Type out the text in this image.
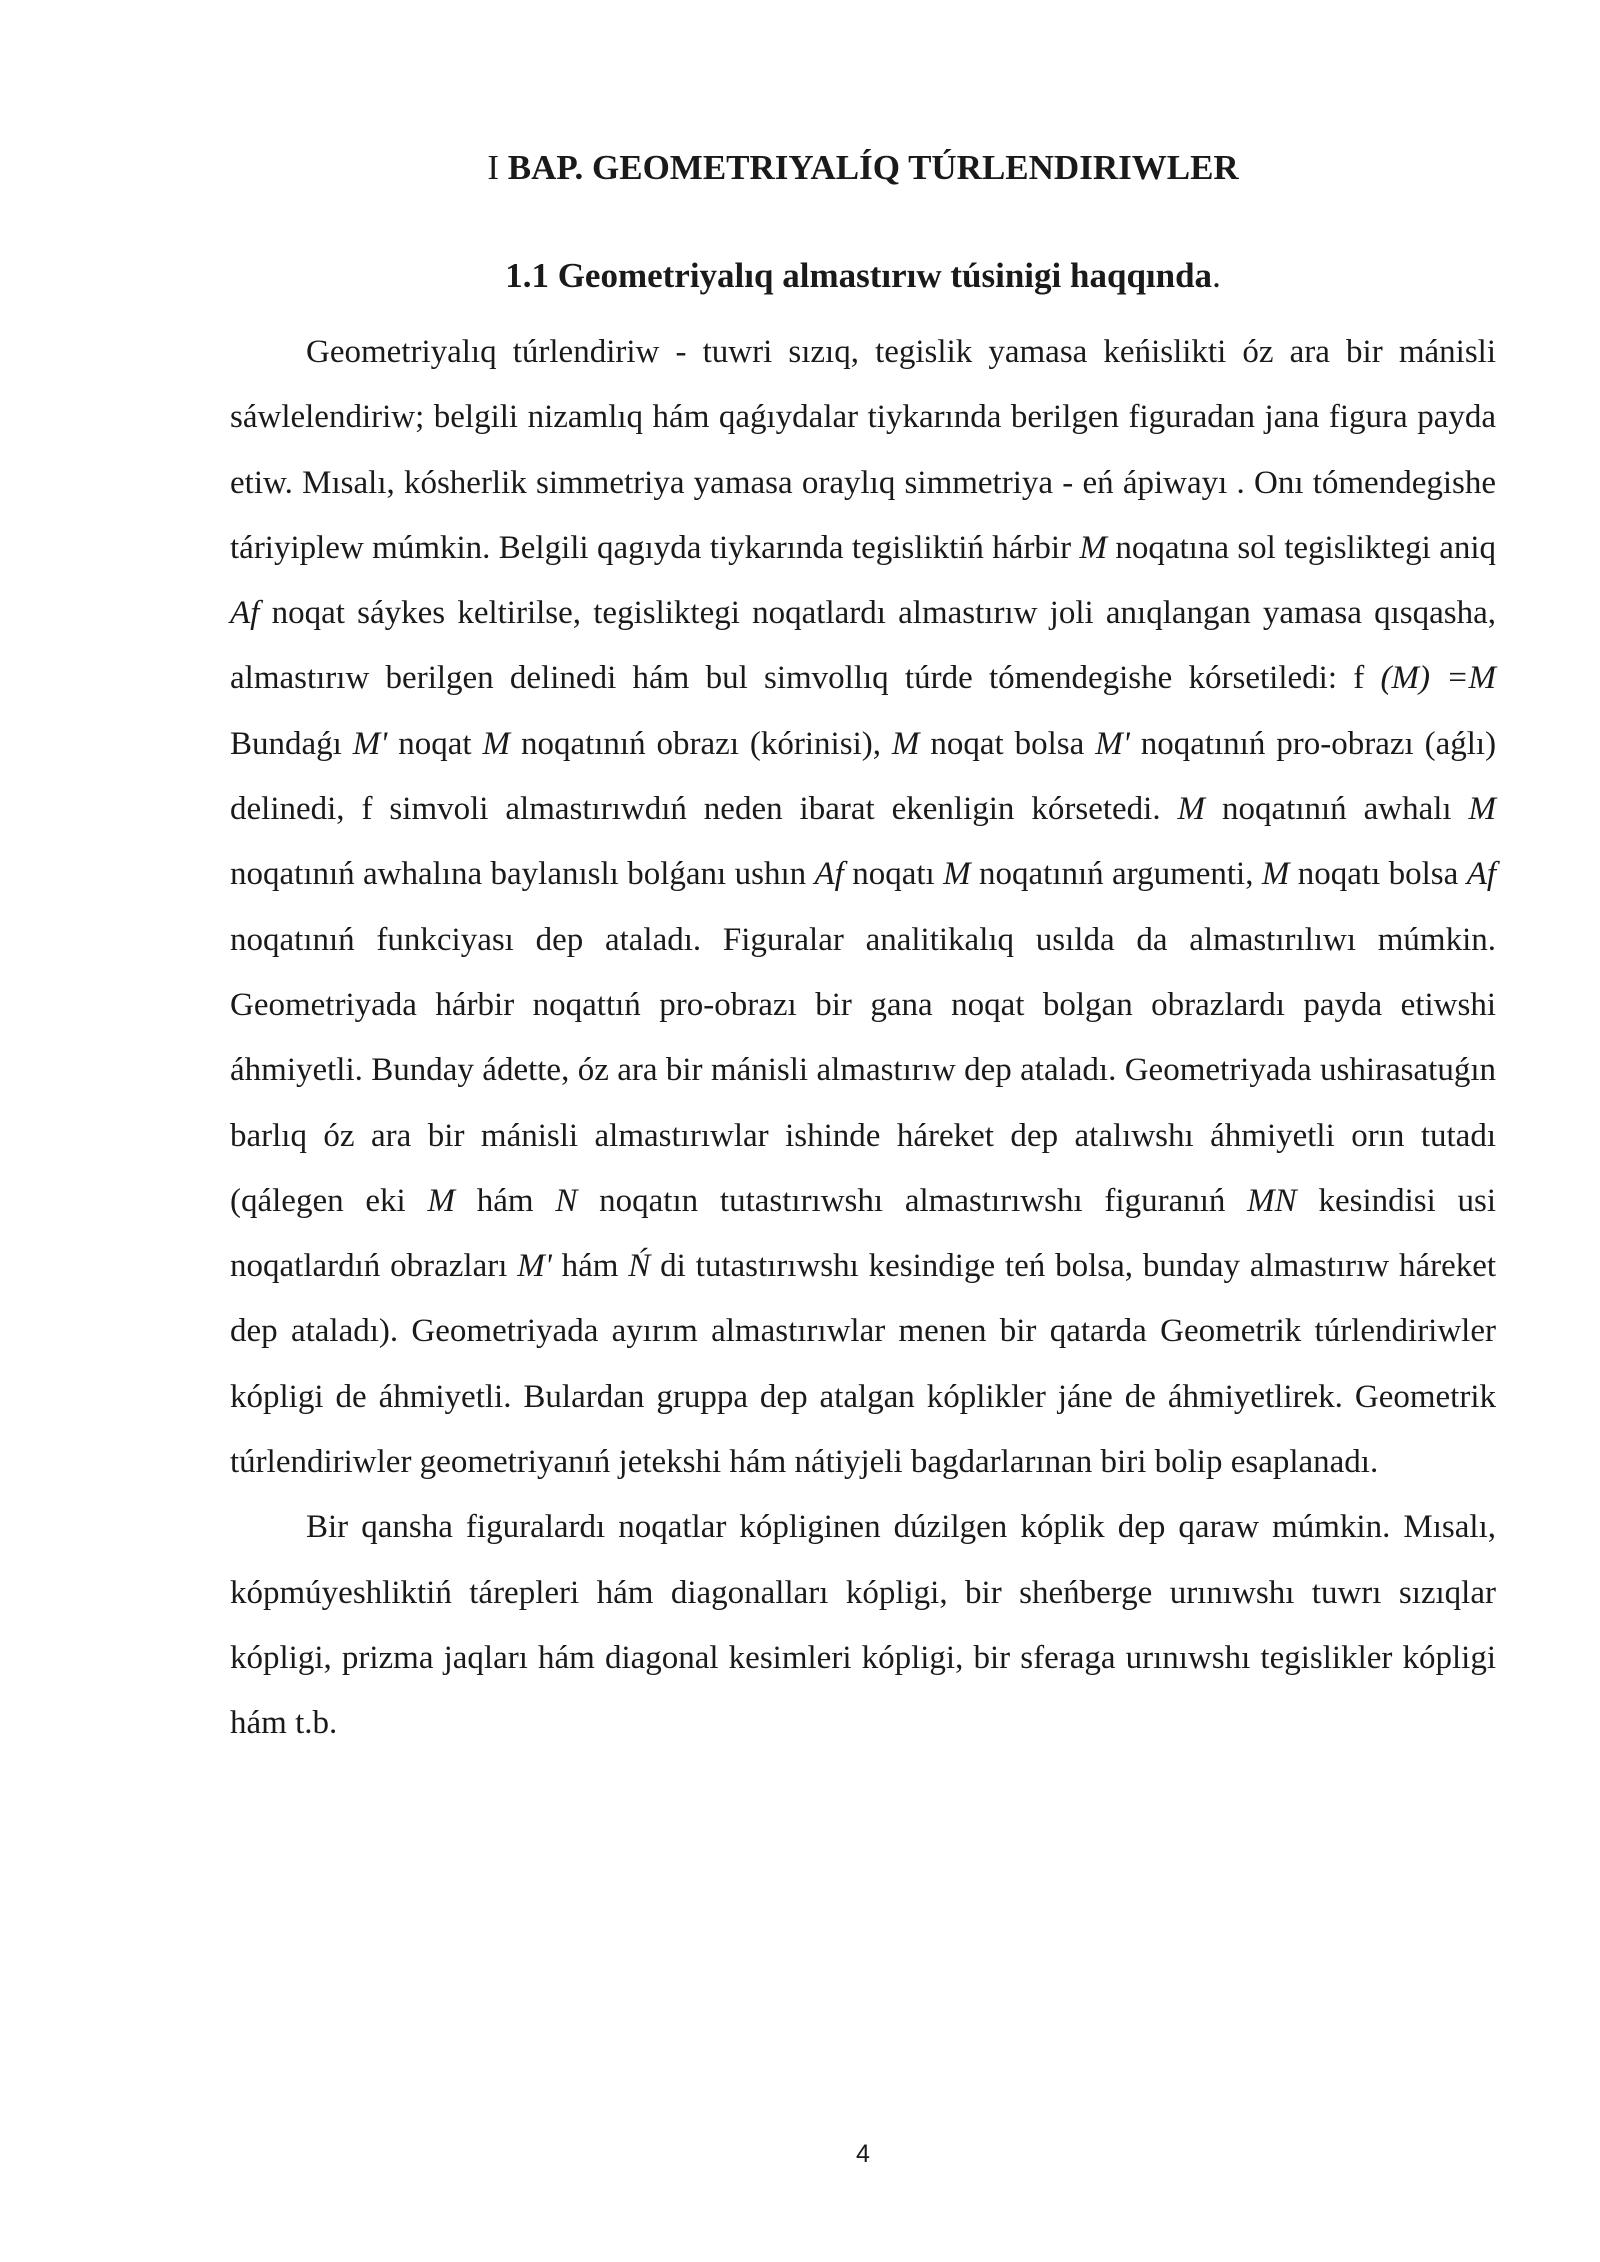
I BAP. GEOMETRIYALÍQ TÚRLENDIRIWLER
1.1 Geometriyalıq almastırıw túsinigi haqqında.

Geometriyalıq túrlendiriw - tuwri sızıq, tegislik yamasa keńislikti óz ara bir mánisli sáwlelendiriw; belgili nizamlıq hám qaǵıydalar tiykarında berilgen figuradan jana figura payda etiw. Mısalı, kósherlik simmetriya yamasa oraylıq simmetriya - eń ápiwayı . Onı tómendegishe táriyiplew múmkin. Belgili qagıyda tiykarında tegisliktiń hárbir M noqatına sol tegisliktegi aniq Af noqat sáykes keltirilse, tegisliktegi noqatlardı almastırıw joli anıqlangan yamasa qısqasha, almastırıw berilgen delinedi hám bul simvollıq túrde tómendegishe kórsetiledi: f (M) =M Bundaǵı M' noqat M noqatınıń obrazı (kórinisi), M noqat bolsa M' noqatınıń pro-obrazı (aǵlı) delinedi, f simvoli almastırıwdıń neden ibarat ekenligin kórsetedi. M noqatınıń awhalı M noqatınıń awhalına baylanıslı bolǵanı ushın Af noqatı M noqatınıń argumenti, M noqatı bolsa Af noqatınıń funkciyası dep ataladı. Figuralar analitikalıq usılda da almastırılıwı múmkin. Geometriyada hárbir noqattıń pro-obrazı bir gana noqat bolgan obrazlardı payda etiwshi áhmiyetli. Bunday ádette, óz ara bir mánisli almastırıw dep ataladı. Geometriyada ushirasatuǵın barlıq óz ara bir mánisli almastırıwlar ishinde háreket dep atalıwshı áhmiyetli orın tutadı (qálegen eki M hám N noqatın tutastırıwshı almastırıwshı figuranıń MN kesindisi usi noqatlardıń obrazları M' hám Ń di tutastırıwshı kesindige teń bolsa, bunday almastırıw háreket dep ataladı). Geometriyada ayırım almastırıwlar menen bir qatarda Geometrik túrlendiriwler kópligi de áhmiyetli. Bulardan gruppa dep atalgan kóplikler jáne de áhmiyetlirek. Geometrik túrlendiriwler geometriyanıń jetekshi hám nátiyjeli bagdarlarınan biri bolip esaplanadı.

Bir qansha figuralardı noqatlar kópliginen dúzilgen kóplik dep qaraw múmkin. Mısalı, kópmúyeshliktiń tárepleri hám diagonalları kópligi, bir sheńberge urınıwshı tuwrı sızıqlar kópligi, prizma jaqları hám diagonal kesimleri kópligi, bir sferaga urınıwshı tegislikler kópligi hám t.b.

4
